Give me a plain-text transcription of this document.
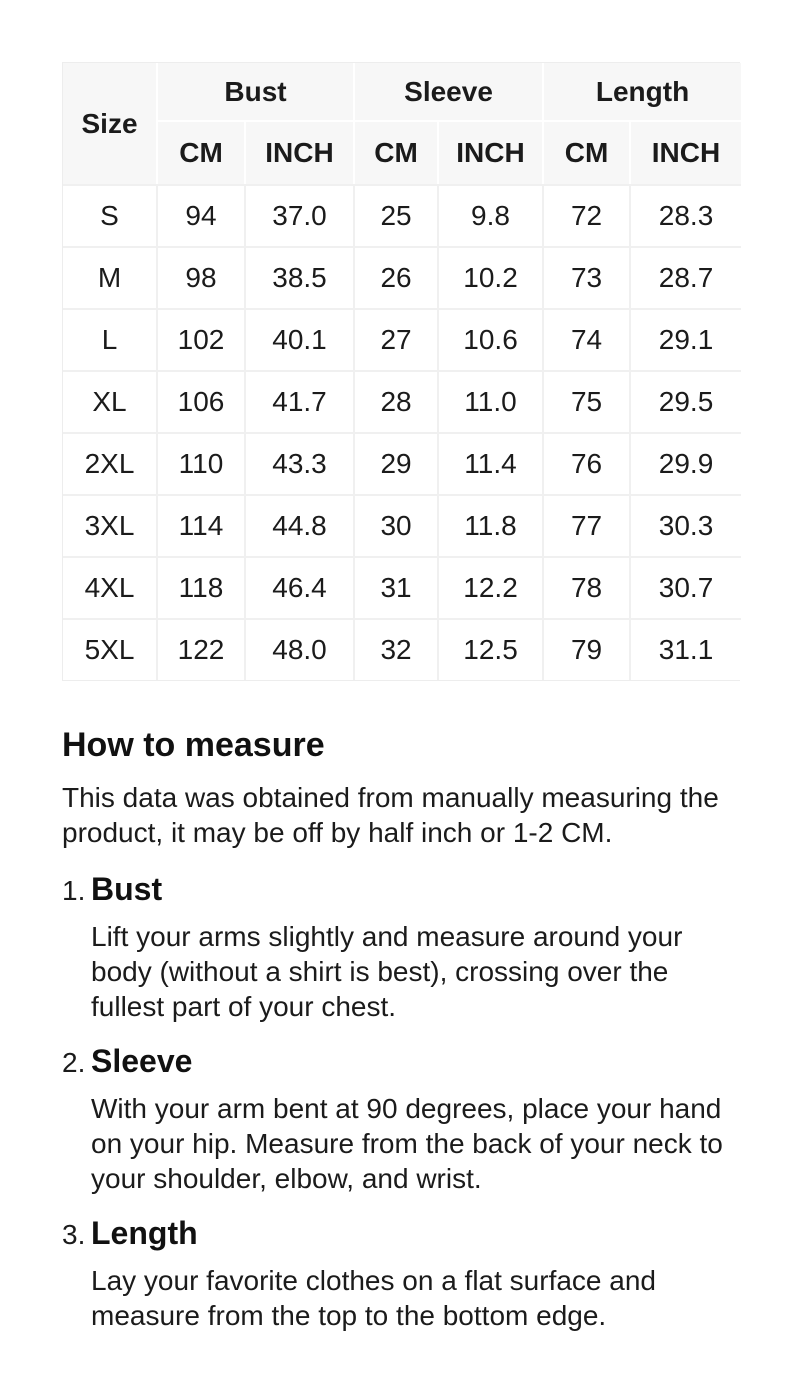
Size	Bust		Sleeve		Length	
	CM	INCH	CM	INCH	CM	INCH
S	94	37.0	25	9.8	72	28.3
M	98	38.5	26	10.2	73	28.7
L	102	40.1	27	10.6	74	29.1
XL	106	41.7	28	11.0	75	29.5
2XL	110	43.3	29	11.4	76	29.9
3XL	114	44.8	30	11.8	77	30.3
4XL	118	46.4	31	12.2	78	30.7
5XL	122	48.0	32	12.5	79	31.1
How to measure

This data was obtained from manually measuring the product, it may be off by half inch or 1-2 CM.

1. Bust

Lift your arms slightly and measure around your body (without a shirt is best), crossing over the fullest part of your chest.

2. Sleeve

With your arm bent at 90 degrees, place your hand on your hip. Measure from the back of your neck to your shoulder, elbow, and wrist.

3. Length

Lay your favorite clothes on a flat surface and measure from the top to the bottom edge.
